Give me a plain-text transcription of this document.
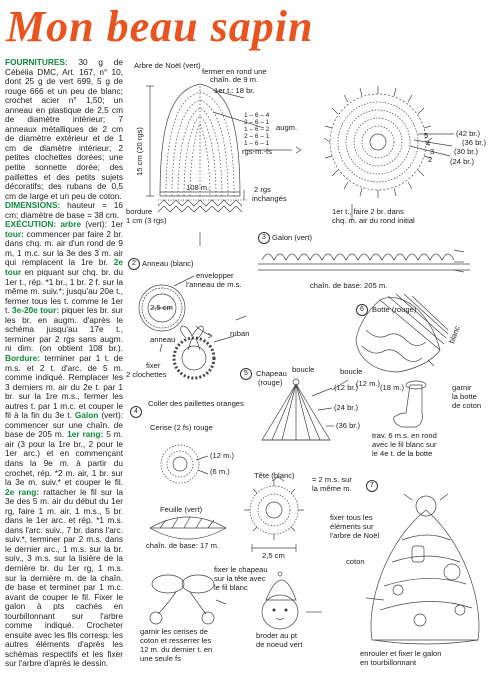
Mon beau sapin

FOURNITURES: 30 g de Cébélia DMC, Art. 167, n° 10, dont 25 g de vert 699, 5 g de rouge 666 et un peu de blanc; crochet acier n° 1,50; un anneau en plastique de 2,5 cm de diamètre intérieur; 7 anneaux métalliques de 2 cm de diamètre extérieur et de 1 cm de diamètre intérieur; 2 petites clochettes dorées; une petite sonnette dorée; des paillettes et des petits sujets décoratifs; des rubans de 0,5 cm de large et un peu de coton.

DIMENSIONS: hauteur = 16 cm; diamètre de base = 38 cm.

EXÉCUTION: arbre (vert): 1er tour: commencer par faire 2 br. dans chq. m. air d'un rond de 9 m, 1 m.c. sur la 3e des 3 m. air qui remplacent la 1re br. 2e tour en piquant sur chq. br. du 1er t., rép. *1 br., 1 br. 2 f. sur la même m. suiv.*; jusqu'au 20e t., fermer tous les t. comme le 1er t. 3e-20e tour: piquer les br. sur les br. en augm. d'après le schéma jusqu'au 17e t., terminer par 2 rgs sans augm. ni dim. (on obtient 108 br.). Bordure: terminer par 1 t. de m.s. et 2 t. d'arc. de 5 m. comme indiqué. Remplacer les 3 derniers m. air du 2e t. par 1 br. sur la 1re m.s., fermer les autres t. par 1 m.c. et couper le fil à la fin du 3e t. Galon (vert): commencer sur une chaîn. de base de 205 m. 1er rang: 5 m. air (3 pour la 1re br., 2 pour le 1er arc.) et en commençant dans la 9e m. à partir du crochet, rép. *2 m. air, 1 br. sur la 3e m. suiv.* et couper le fil. 2e rang: rattacher le fil sur la 3e des 5 m. air du début du 1er rg, faire 1 m. air, 1 m.s., 5 br. dans le 1er arc. et rép. *1 m.s. dans l'arc. suiv., 7 br. dans l'arc. suiv.*, terminer par 2 m.s. dans le dernier arc., 1 m.s. sur la br. suiv., 3 m.s. sur la lisière de la dernière br. du 1er rg, 1 m.s. sur la dernière m. de la chaîn. de base et terminer par 1 m.c. avant de couper le fil. Fixer le galon à pts cachés en tourbillonnant sur l'arbre comme indiqué. Crocheter ensuite avec les fils corresp. les autres éléments d'après les schémas respectifs et les fixer sur l'arbre d'après le dessin.

2
3
4
5
6
7
Arbre de Noël (vert)
fermer en rond une
chaîn. de 9 m.
1er t.: 18 br.
1 – 6 – 4
2 – 6 – 1
1 – 6 – 2
2 – 6 – 1
1 – 6 – 1
augm.
rgs-m.-fs
15 cm (20 rgs)
108 m.	2 rgs
inchangés
bordure
1 cm (3 rgs)
(42 br.)
(36 br.)
(30 br.)
(24 br.)
5
4
3
2
1er t., faire 2 br. dans
chq. m. air du rond initial
Galon (vert)
chaîn. de base: 205 m.
Anneau (blanc)
envelopper
l'anneau de m.s.
2,5 cm
anneau
ruban
fixer
2 clochettes
Coller des paillettes oranges
Botte (rouge)
boucle
(12 m.) (18 m.)
blanc
garnir
la botte
de coton
trav. 6 m.s. en rond
avec le fil blanc sur
le 4e t. de la botte
Chapeau
(rouge)
boucle
(12 br.)
(24 br.)
(36 br.)
Cerise (2 fs) rouge
(12 m.)
(6 m.)	Tête (blanc) = 2 m.s. sur
la même m.
Feuille (vert)
chaîn. de base: 17 m.
2,5 cm
fixer le chapeau
sur la tête avec
le fil blanc
garnir les cerises de
coton et resserrer les
12 m. du dernier t. en
une seule fs
broder au pt
de noeud vert
fixer tous les
éléments sur
l'arbre de Noël
coton
enrouler et fixer le galon
en tourbillonnant
